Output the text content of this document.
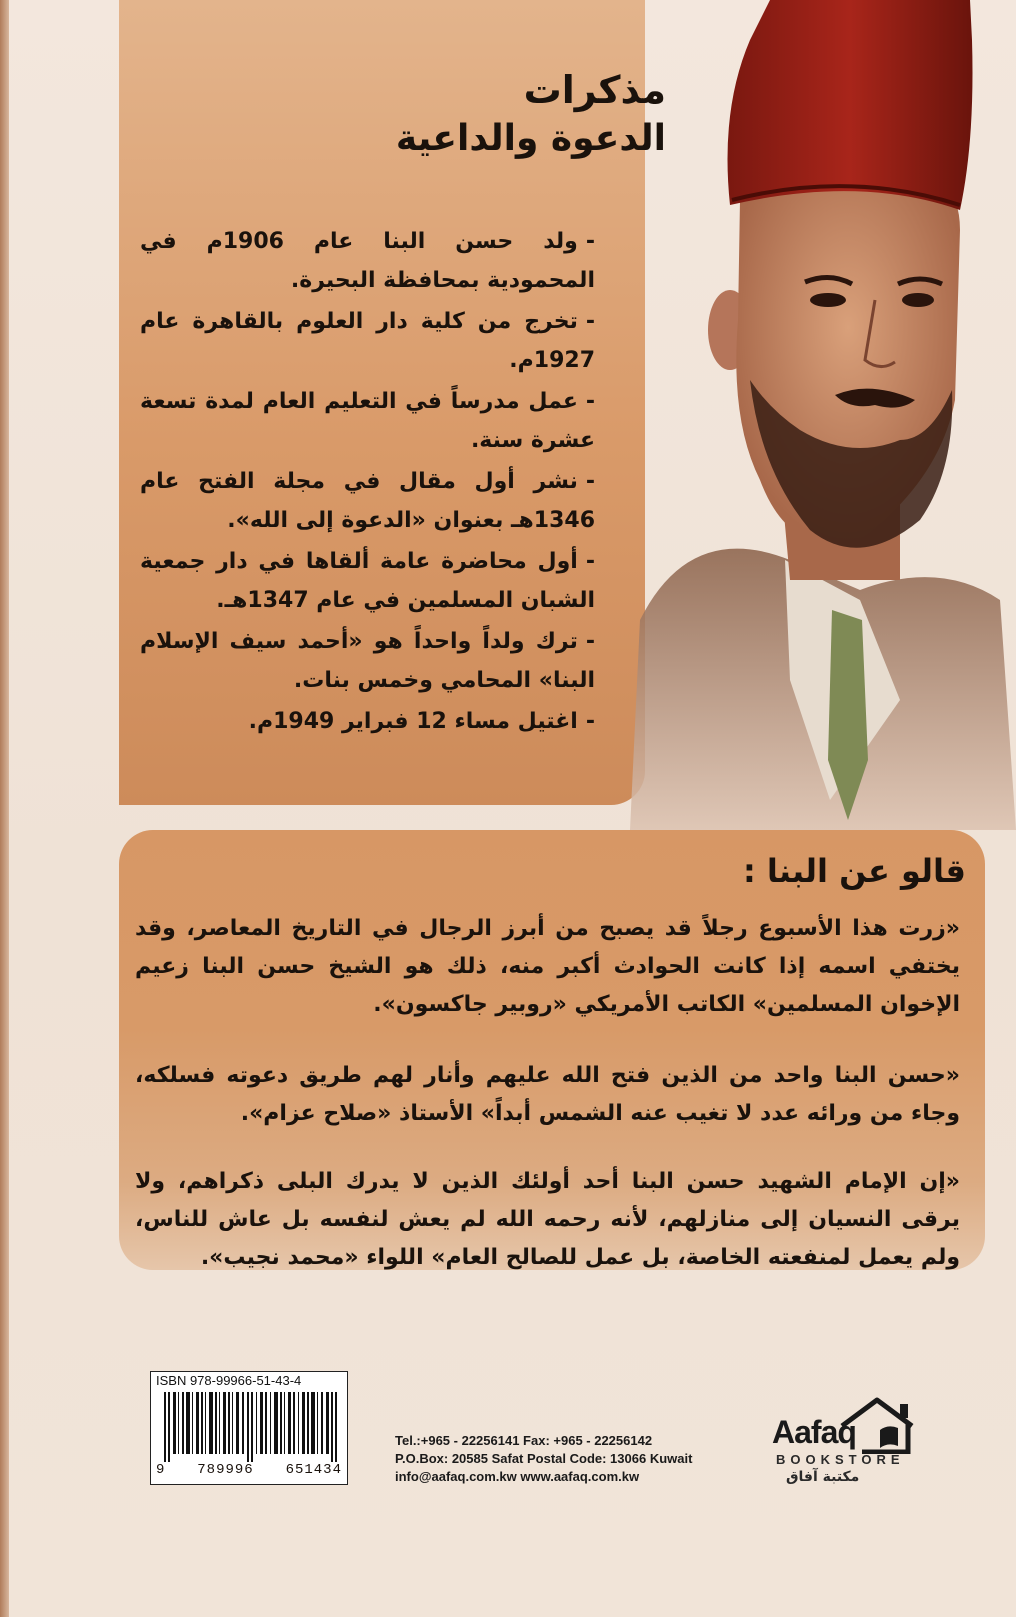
مذكرات
الدعوة والداعية
-ولد حسن البنا عام 1906م في المحمودية بمحافظة البحيرة.
-تخرج من كلية دار العلوم بالقاهرة عام 1927م.
-عمل مدرساً في التعليم العام لمدة تسعة عشرة سنة.
-نشر أول مقال في مجلة الفتح عام 1346هـ بعنوان «الدعوة إلى الله».
-أول محاضرة عامة ألقاها في دار جمعية الشبان المسلمين في عام 1347هـ.
-ترك ولداً واحداً هو «أحمد سيف الإسلام البنا» المحامي وخمس بنات.
-اغتيل مساء 12 فبراير 1949م.
قالو عن البنا :
«زرت هذا الأسبوع رجلاً قد يصبح من أبرز الرجال في التاريخ المعاصر، وقد يختفي اسمه إذا كانت الحوادث أكبر منه، ذلك هو الشيخ حسن البنا زعيم الإخوان المسلمين» الكاتب الأمريكي «روبير جاكسون».
«حسن البنا واحد من الذين فتح الله عليهم وأنار لهم طريق دعوته فسلكه، وجاء من ورائه عدد لا تغيب عنه الشمس أبداً» الأستاذ «صلاح عزام».
«إن الإمام الشهيد حسن البنا أحد أولئك الذين لا يدرك البلى ذكراهم، ولا يرقى النسيان إلى منازلهم، لأنه رحمه الله لم يعش لنفسه بل عاش للناس، ولم يعمل لمنفعته الخاصة، بل عمل للصالح العام» اللواء «محمد نجيب».
ISBN 978-99966-51-43-4
9 789996 651434
Tel.:+965 - 22256141 Fax: +965 - 22256142
P.O.Box: 20585 Safat Postal Code: 13066 Kuwait
info@aafaq.com.kw www.aafaq.com.kw
Aafaq
BOOKSTORE
مكتبة آفاق
